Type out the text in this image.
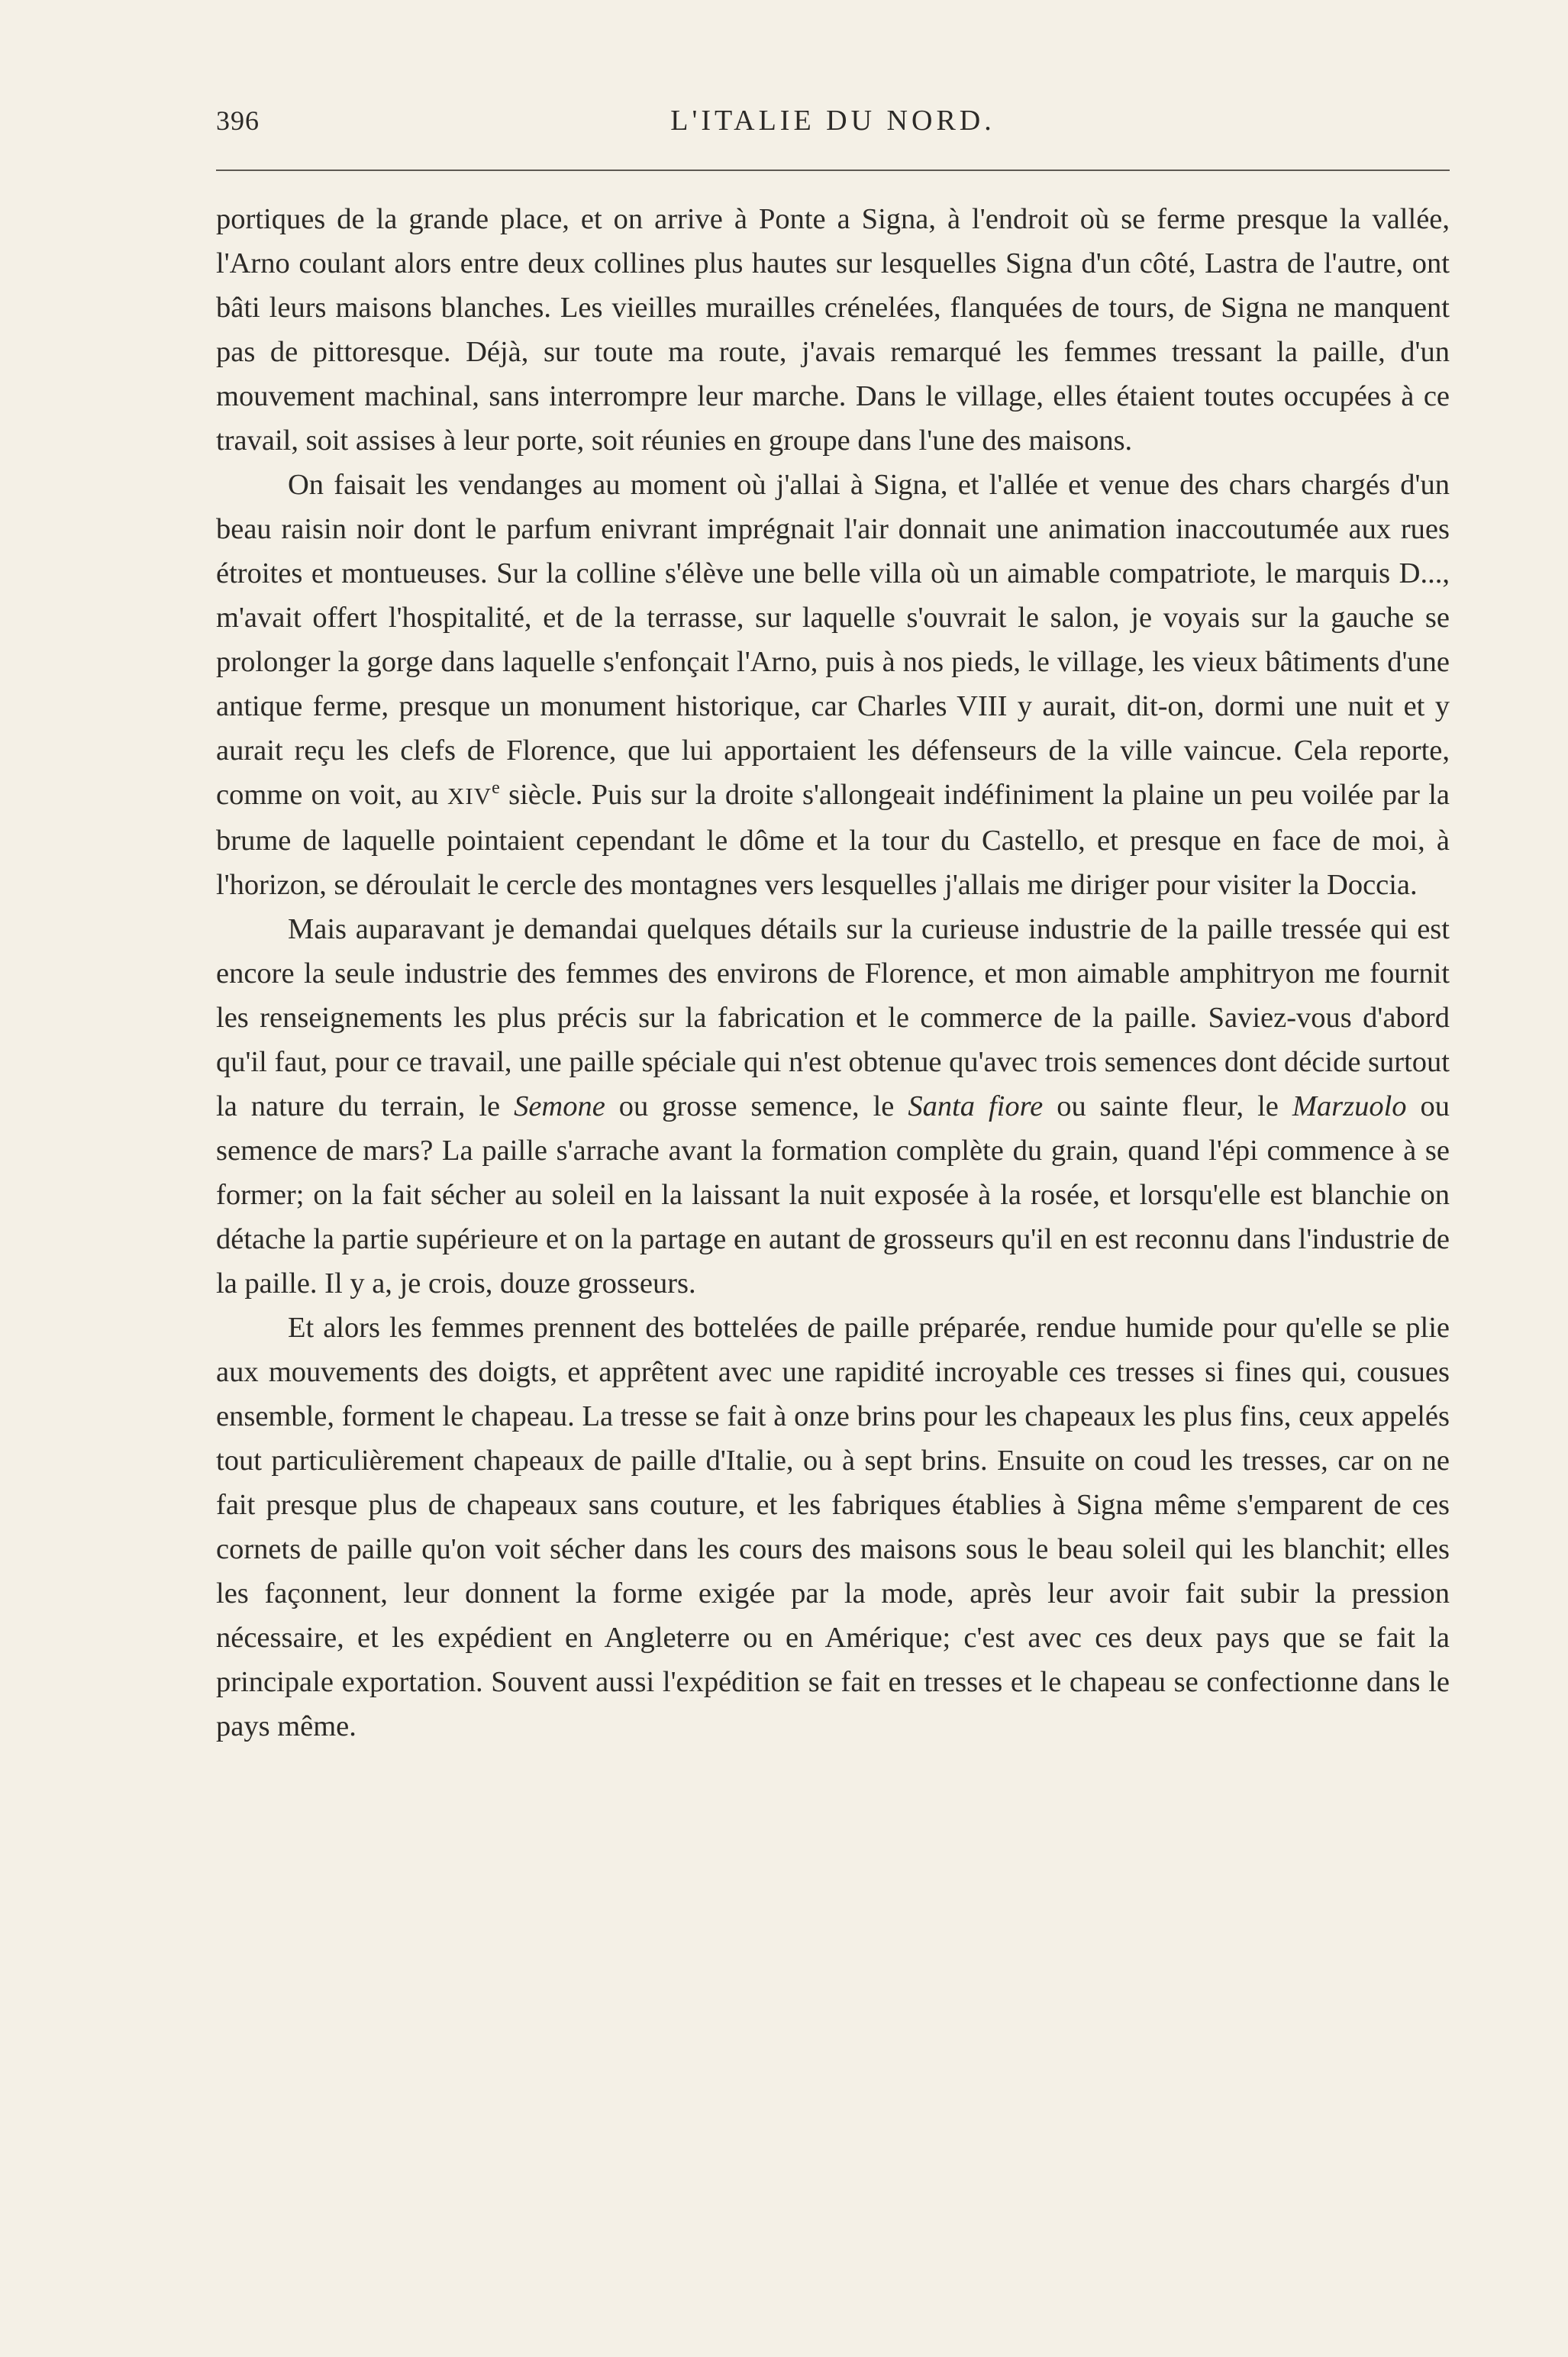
396	L'ITALIE DU NORD.

portiques de la grande place, et on arrive à Ponte a Signa, à l'endroit où se ferme presque la vallée, l'Arno coulant alors entre deux collines plus hautes sur lesquelles Signa d'un côté, Lastra de l'autre, ont bâti leurs maisons blanches. Les vieilles murailles crénelées, flanquées de tours, de Signa ne manquent pas de pittoresque. Déjà, sur toute ma route, j'avais remarqué les femmes tressant la paille, d'un mouvement machinal, sans interrompre leur marche. Dans le village, elles étaient toutes occupées à ce travail, soit assises à leur porte, soit réunies en groupe dans l'une des maisons.

On faisait les vendanges au moment où j'allai à Signa, et l'allée et venue des chars chargés d'un beau raisin noir dont le parfum enivrant imprégnait l'air donnait une animation inaccoutumée aux rues étroites et montueuses. Sur la colline s'élève une belle villa où un aimable compatriote, le marquis D..., m'avait offert l'hospitalité, et de la terrasse, sur laquelle s'ouvrait le salon, je voyais sur la gauche se prolonger la gorge dans laquelle s'enfonçait l'Arno, puis à nos pieds, le village, les vieux bâtiments d'une antique ferme, presque un monument historique, car Charles VIII y aurait, dit-on, dormi une nuit et y aurait reçu les clefs de Florence, que lui apportaient les défenseurs de la ville vaincue. Cela reporte, comme on voit, au XIVe siècle. Puis sur la droite s'allongeait indéfiniment la plaine un peu voilée par la brume de laquelle pointaient cependant le dôme et la tour du Castello, et presque en face de moi, à l'horizon, se déroulait le cercle des montagnes vers lesquelles j'allais me diriger pour visiter la Doccia.

Mais auparavant je demandai quelques détails sur la curieuse industrie de la paille tressée qui est encore la seule industrie des femmes des environs de Florence, et mon aimable amphitryon me fournit les renseignements les plus précis sur la fabrication et le commerce de la paille. Saviez-vous d'abord qu'il faut, pour ce travail, une paille spéciale qui n'est obtenue qu'avec trois semences dont décide surtout la nature du terrain, le Semone ou grosse semence, le Santa fiore ou sainte fleur, le Marzuolo ou semence de mars? La paille s'arrache avant la formation complète du grain, quand l'épi commence à se former; on la fait sécher au soleil en la laissant la nuit exposée à la rosée, et lorsqu'elle est blanchie on détache la partie supérieure et on la partage en autant de grosseurs qu'il en est reconnu dans l'industrie de la paille. Il y a, je crois, douze grosseurs.

Et alors les femmes prennent des bottelées de paille préparée, rendue humide pour qu'elle se plie aux mouvements des doigts, et apprêtent avec une rapidité incroyable ces tresses si fines qui, cousues ensemble, forment le chapeau. La tresse se fait à onze brins pour les chapeaux les plus fins, ceux appelés tout particulièrement chapeaux de paille d'Italie, ou à sept brins. Ensuite on coud les tresses, car on ne fait presque plus de chapeaux sans couture, et les fabriques établies à Signa même s'emparent de ces cornets de paille qu'on voit sécher dans les cours des maisons sous le beau soleil qui les blanchit; elles les façonnent, leur donnent la forme exigée par la mode, après leur avoir fait subir la pression nécessaire, et les expédient en Angleterre ou en Amérique; c'est avec ces deux pays que se fait la principale exportation. Souvent aussi l'expédition se fait en tresses et le chapeau se confectionne dans le pays même.
